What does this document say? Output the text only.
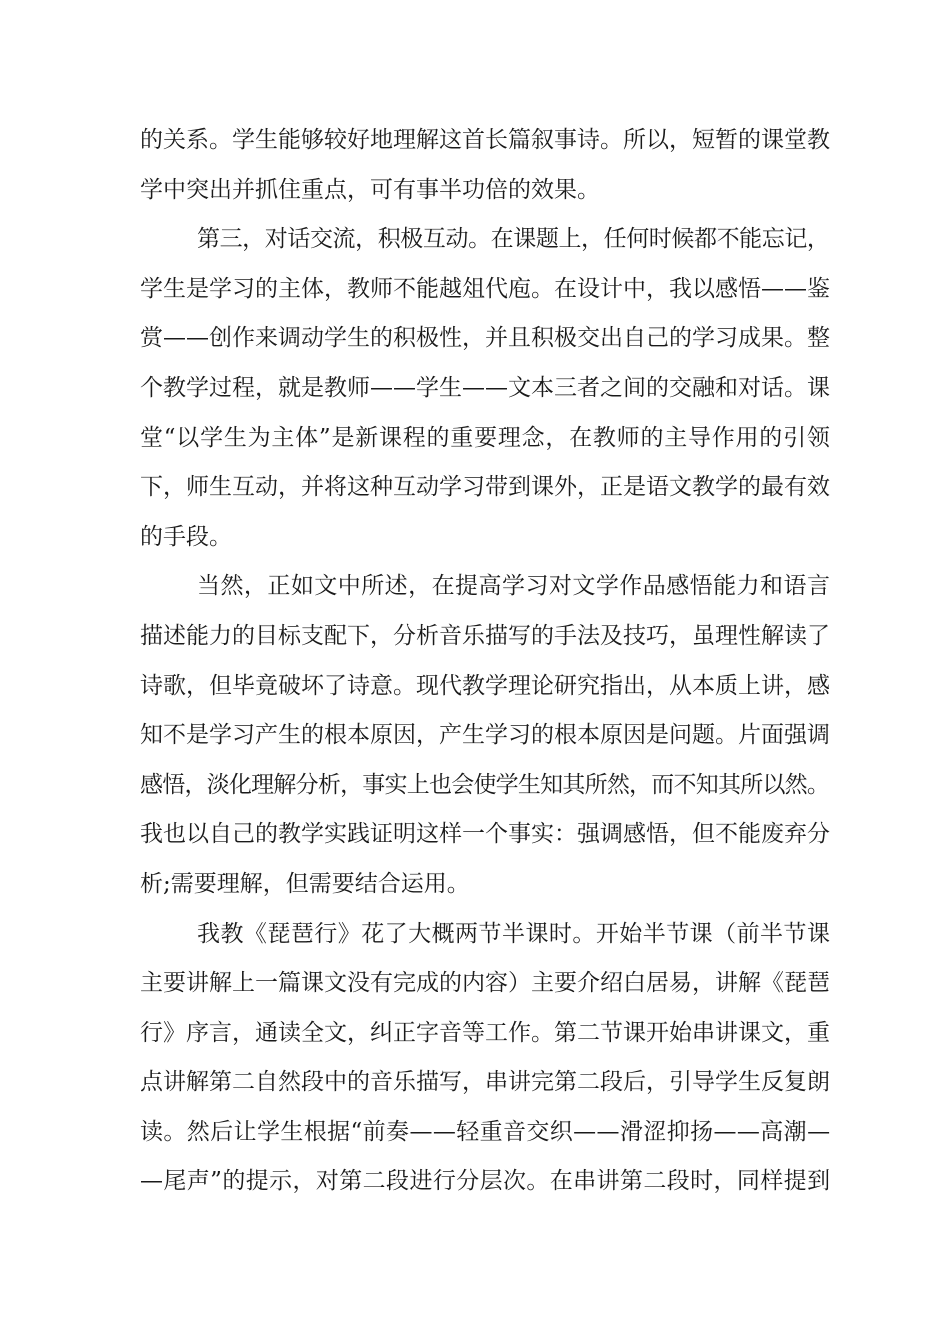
的关系。学生能够较好地理解这首长篇叙事诗。所以，短暂的课堂教
学中突出并抓住重点，可有事半功倍的效果。
第三，对话交流，积极互动。在课题上，任何时候都不能忘记，
学生是学习的主体，教师不能越俎代庖。在设计中，我以感悟——鉴
赏——创作来调动学生的积极性，并且积极交出自己的学习成果。整
个教学过程，就是教师——学生——文本三者之间的交融和对话。课
堂“以学生为主体”是新课程的重要理念，在教师的主导作用的引领
下，师生互动，并将这种互动学习带到课外，正是语文教学的最有效
的手段。
当然，正如文中所述，在提高学习对文学作品感悟能力和语言
描述能力的目标支配下，分析音乐描写的手法及技巧，虽理性解读了
诗歌，但毕竟破坏了诗意。现代教学理论研究指出，从本质上讲，感
知不是学习产生的根本原因，产生学习的根本原因是问题。片面强调
感悟，淡化理解分析，事实上也会使学生知其所然，而不知其所以然。
我也以自己的教学实践证明这样一个事实：强调感悟，但不能废弃分
析;需要理解，但需要结合运用。
我教《琵琶行》花了大概两节半课时。开始半节课（前半节课
主要讲解上一篇课文没有完成的内容）主要介绍白居易，讲解《琵琶
行》序言，通读全文，纠正字音等工作。第二节课开始串讲课文，重
点讲解第二自然段中的音乐描写，串讲完第二段后，引导学生反复朗
读。然后让学生根据“前奏——轻重音交织——滑涩抑扬——高潮—
—尾声”的提示，对第二段进行分层次。在串讲第二段时，同样提到
